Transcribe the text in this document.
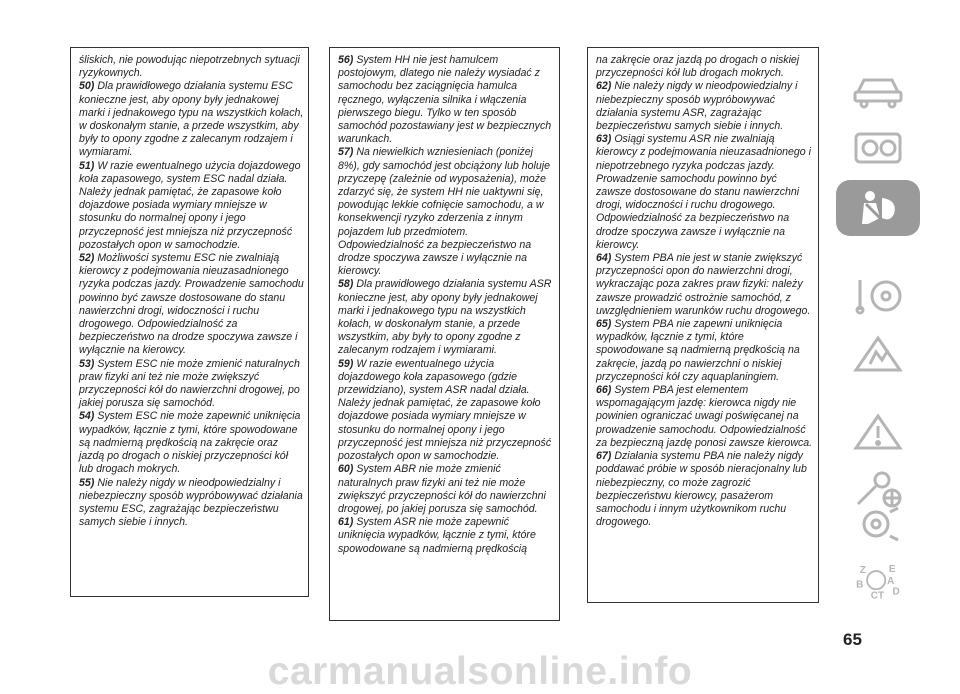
śliskich, nie powodując niepotrzebnych sytuacji ryzykownych.

50) Dla prawidłowego działania systemu ESC konieczne jest, aby opony były jednakowej marki i jednakowego typu na wszystkich kołach, w doskonałym stanie, a przede wszystkim, aby były to opony zgodne z zalecanym rodzajem i wymiarami.

51) W razie ewentualnego użycia dojazdowego koła zapasowego, system ESC nadal działa. Należy jednak pamiętać, że zapasowe koło dojazdowe posiada wymiary mniejsze w stosunku do normalnej opony i jego przyczepność jest mniejsza niż przyczepność pozostałych opon w samochodzie.

52) Możliwości systemu ESC nie zwalniają kierowcy z podejmowania nieuzasadnionego ryzyka podczas jazdy. Prowadzenie samochodu powinno być zawsze dostosowane do stanu nawierzchni drogi, widoczności i ruchu drogowego. Odpowiedzialność za bezpieczeństwo na drodze spoczywa zawsze i wyłącznie na kierowcy.

53) System ESC nie może zmienić naturalnych praw fizyki ani też nie może zwiększyć przyczepności kół do nawierzchni drogowej, po jakiej porusza się samochód.

54) System ESC nie może zapewnić uniknięcia wypadków, łącznie z tymi, które spowodowane są nadmierną prędkością na zakręcie oraz jazdą po drogach o niskiej przyczepności kół lub drogach mokrych.

55) Nie należy nigdy w nieodpowiedzialny i niebezpieczny sposób wypróbowywać działania systemu ESC, zagrażając bezpieczeństwu samych siebie i innych.

56) System HH nie jest hamulcem postojowym, dlatego nie należy wysiadać z samochodu bez zaciągnięcia hamulca ręcznego, wyłączenia silnika i włączenia pierwszego biegu. Tylko w ten sposób samochód pozostawiany jest w bezpiecznych warunkach.

57) Na niewielkich wzniesieniach (poniżej 8%), gdy samochód jest obciążony lub holuje przyczepę (zależnie od wyposażenia), może zdarzyć się, że system HH nie uaktywni się, powodując lekkie cofnięcie samochodu, a w konsekwencji ryzyko zderzenia z innym pojazdem lub przedmiotem. Odpowiedzialność za bezpieczeństwo na drodze spoczywa zawsze i wyłącznie na kierowcy.

58) Dla prawidłowego działania systemu ASR konieczne jest, aby opony były jednakowej marki i jednakowego typu na wszystkich kołach, w doskonałym stanie, a przede wszystkim, aby były to opony zgodne z zalecanym rodzajem i wymiarami.

59) W razie ewentualnego użycia dojazdowego koła zapasowego (gdzie przewidziano), system ASR nadal działa. Należy jednak pamiętać, że zapasowe koło dojazdowe posiada wymiary mniejsze w stosunku do normalnej opony i jego przyczepność jest mniejsza niż przyczepność pozostałych opon w samochodzie.

60) System ABR nie może zmienić naturalnych praw fizyki ani też nie może zwiększyć przyczepności kół do nawierzchni drogowej, po jakiej porusza się samochód.

61) System ASR nie może zapewnić uniknięcia wypadków, łącznie z tymi, które spowodowane są nadmierną prędkością

na zakręcie oraz jazdą po drogach o niskiej przyczepności kół lub drogach mokrych.

62) Nie należy nigdy w nieodpowiedzialny i niebezpieczny sposób wypróbowywać działania systemu ASR, zagrażając bezpieczeństwu samych siebie i innych.

63) Osiągi systemu ASR nie zwalniają kierowcy z podejmowania nieuzasadnionego i niepotrzebnego ryzyka podczas jazdy. Prowadzenie samochodu powinno być zawsze dostosowane do stanu nawierzchni drogi, widoczności i ruchu drogowego. Odpowiedzialność za bezpieczeństwo na drodze spoczywa zawsze i wyłącznie na kierowcy.

64) System PBA nie jest w stanie zwiększyć przyczepności opon do nawierzchni drogi, wykraczając poza zakres praw fizyki: należy zawsze prowadzić ostrożnie samochód, z uwzględnieniem warunków ruchu drogowego.

65) System PBA nie zapewni uniknięcia wypadków, łącznie z tymi, które spowodowane są nadmierną prędkością na zakręcie, jazdą po nawierzchni o niskiej przyczepności kół czy aquaplaningiem.

66) System PBA jest elementem wspomagającym jazdę: kierowca nigdy nie powinien ograniczać uwagi poświęcanej na prowadzenie samochodu. Odpowiedzialność za bezpieczną jazdę ponosi zawsze kierowca.

67) Działania systemu PBA nie należy nigdy poddawać próbie w sposób nieracjonalny lub niebezpieczny, co może zagrozić bezpieczeństwu kierowcy, pasażerom samochodu i innym użytkownikom ruchu drogowego.

Z E
B
C T D
A
65
carmanualsonline.info
